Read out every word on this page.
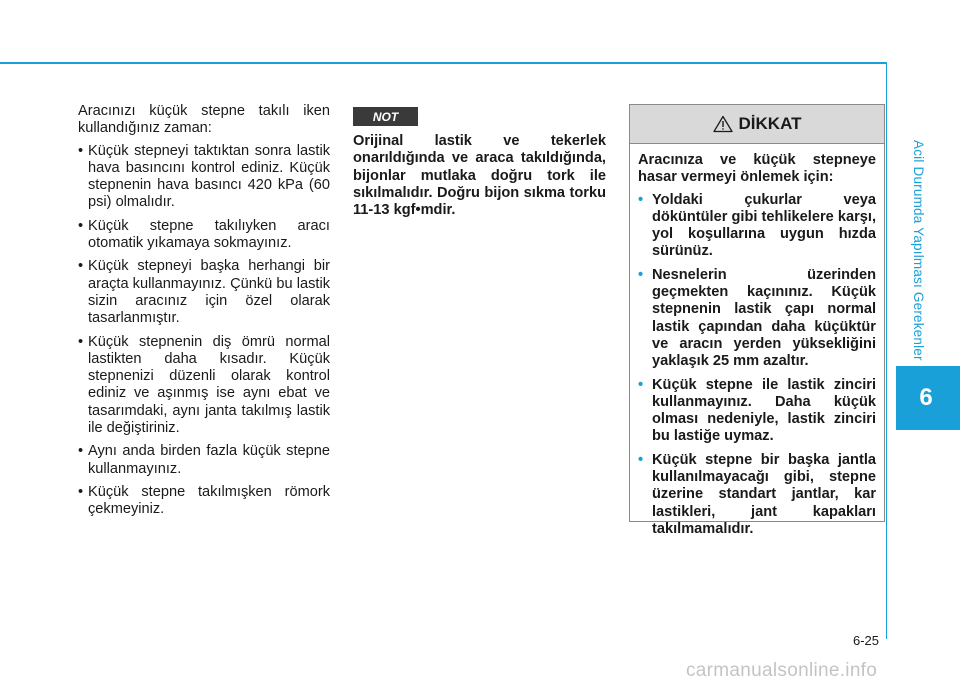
Acil Durumda Yapılması Gerekenler
6

Aracınızı küçük stepne takılı iken kullandığınız zaman:

• Küçük stepneyi taktıktan sonra lastik hava basıncını kontrol ediniz. Küçük stepnenin hava basıncı 420 kPa (60 psi) olmalıdır.
• Küçük stepne takılıyken aracı otomatik yıkamaya sokmayınız.
• Küçük stepneyi başka herhangi bir araçta kullanmayınız. Çünkü bu lastik sizin aracınız için özel olarak tasarlanmıştır.
• Küçük stepnenin diş ömrü normal lastikten daha kısadır. Küçük stepnenizi düzenli olarak kontrol ediniz ve aşınmış ise aynı ebat ve tasarımdaki, aynı janta takılmış lastik ile değiştiriniz.
• Aynı anda birden fazla küçük stepne kullanmayınız.
• Küçük stepne takılmışken römork çekmeyiniz.
NOT

Orijinal lastik ve tekerlek onarıldığında ve araca takıldığında, bijonlar mutlaka doğru tork ile sıkılmalıdır. Doğru bijon sıkma torku 11-13 kgf•mdir.

DİKKAT

Aracınıza ve küçük stepneye hasar vermeyi önlemek için:

• Yoldaki çukurlar veya döküntüler gibi tehlikelere karşı, yol koşullarına uygun hızda sürünüz.
• Nesnelerin üzerinden geçmekten kaçınınız. Küçük stepnenin lastik çapı normal lastik çapından daha küçüktür ve aracın yerden yüksekliğini yaklaşık 25 mm azaltır.
• Küçük stepne ile lastik zinciri kullanmayınız. Daha küçük olması nedeniyle, lastik zinciri bu lastiğe uymaz.
• Küçük stepne bir başka jantla kullanılmayacağı gibi, stepne üzerine standart jantlar, kar lastikleri, jant kapakları takılmamalıdır.
6-25
carmanualsonline.info
